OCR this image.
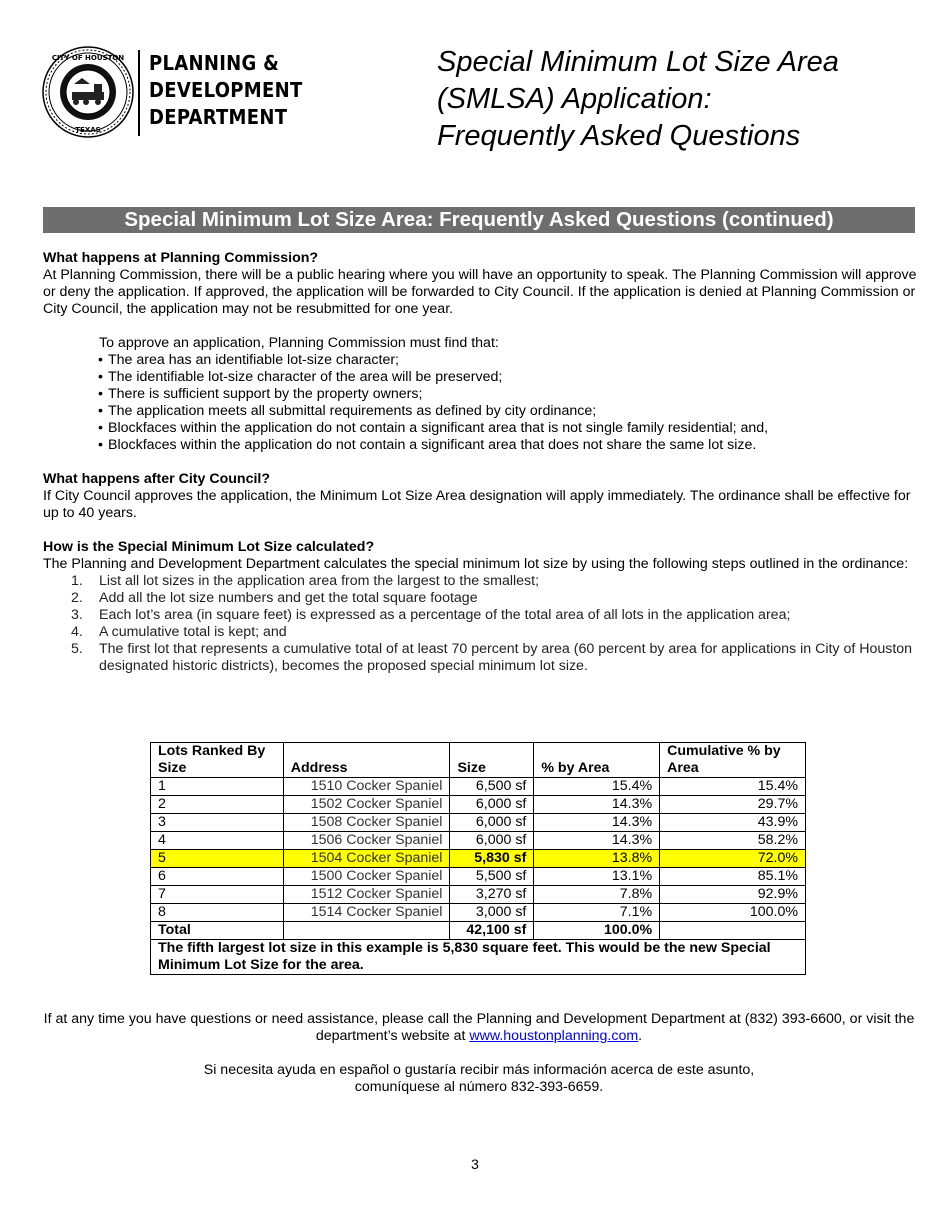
CITY OF HOUSTON
TEXAS
PLANNING &
DEVELOPMENT
DEPARTMENT
Special Minimum Lot Size Area
(SMLSA) Application:
Frequently Asked Questions
Special Minimum Lot Size Area: Frequently Asked Questions (continued)

What happens at Planning Commission?

At Planning Commission, there will be a public hearing where you will have an opportunity to speak. The Planning Commission will approve or deny the application. If approved, the application will be forwarded to City Council. If the application is denied at Planning Commission or City Council, the application may not be resubmitted for one year.

To approve an application, Planning Commission must find that:

• The area has an identifiable lot-size character;
• The identifiable lot-size character of the area will be preserved;
• There is sufficient support by the property owners;
• The application meets all submittal requirements as defined by city ordinance;
• Blockfaces within the application do not contain a significant area that is not single family residential; and,
• Blockfaces within the application do not contain a significant area that does not share the same lot size.

What happens after City Council?

If City Council approves the application, the Minimum Lot Size Area designation will apply immediately. The ordinance shall be effective for up to 40 years.

How is the Special Minimum Lot Size calculated?

The Planning and Development Department calculates the special minimum lot size by using the following steps outlined in the ordinance:

1. List all lot sizes in the application area from the largest to the smallest;
2. Add all the lot size numbers and get the total square footage
3. Each lot’s area (in square feet) is expressed as a percentage of the total area of all lots in the application area;
4. A cumulative total is kept; and
5. The first lot that represents a cumulative total of at least 70 percent by area (60 percent by area for applications in City of Houston designated historic districts), becomes the proposed special minimum lot size.
Lots Ranked By Size	Address	Size	% by Area	Cumulative % by Area
1	1510 Cocker Spaniel	6,500 sf	15.4%	15.4%
2	1502 Cocker Spaniel	6,000 sf	14.3%	29.7%
3	1508 Cocker Spaniel	6,000 sf	14.3%	43.9%
4	1506 Cocker Spaniel	6,000 sf	14.3%	58.2%
5	1504 Cocker Spaniel	5,830 sf	13.8%	72.0%
6	1500 Cocker Spaniel	5,500 sf	13.1%	85.1%
7	1512 Cocker Spaniel	3,270 sf	7.8%	92.9%
8	1514 Cocker Spaniel	3,000 sf	7.1%	100.0%
Total		42,100 sf	100.0%	
The fifth largest lot size in this example is 5,830 square feet. This would be the new Special Minimum Lot Size for the area.				

If at any time you have questions or need assistance, please call the Planning and Development Department at (832) 393-6600, or visit the department’s website at www.houstonplanning.com.

Si necesita ayuda en español o gustaría recibir más información acerca de este asunto, comuníquese al número 832-393-6659.

3
